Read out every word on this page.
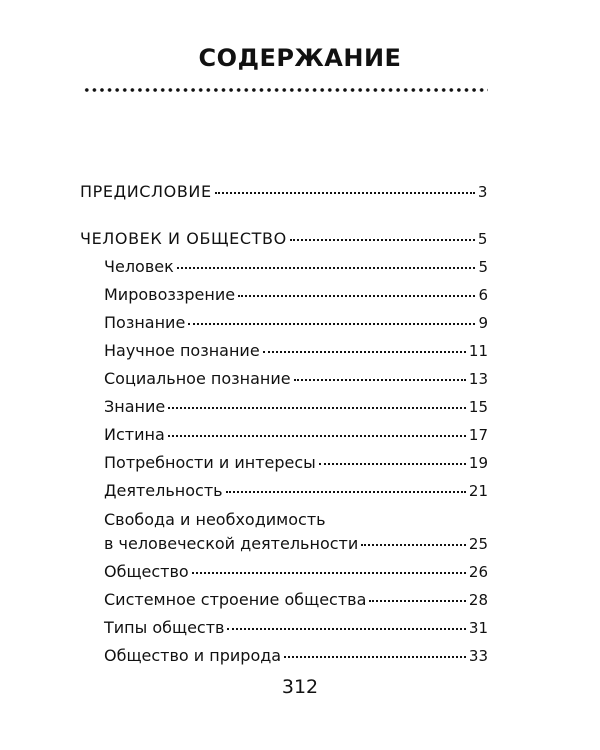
СОДЕРЖАНИЕ
ПРЕДИСЛОВИЕ	3
ЧЕЛОВЕК И ОБЩЕСТВО	5
Человек	5
Мировоззрение	6
Познание	9
Научное познание	11
Социальное познание	13
Знание	15
Истина	17
Потребности и интересы	19
Деятельность	21
Свобода и необходимость
в человеческой деятельности	25
Общество	26
Системное строение общества	28
Типы обществ	31
Общество и природа	33
312
